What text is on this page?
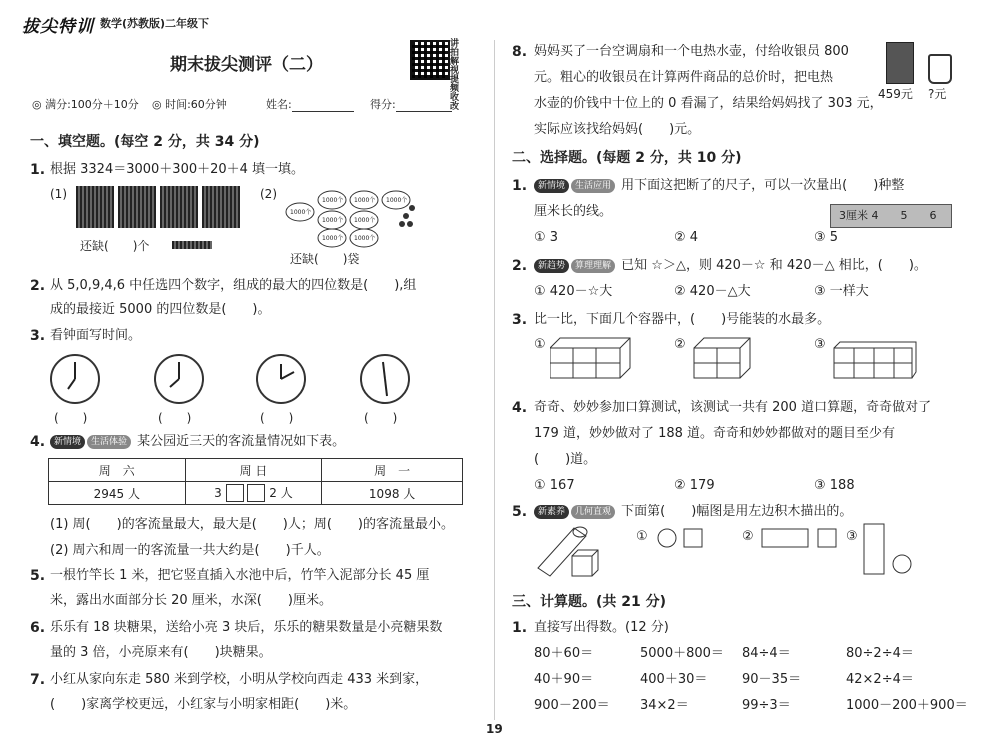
拔尖特训 数学(苏教版)二年级下
期末拔尖测评（二）
讲拍解视提频收改
◎ 满分:100分＋10分 ◎ 时间:60分钟	姓名:	得分:
一、填空题。(每空 2 分，共 34 分)
1. 根据 3324＝3000＋300＋20＋4 填一填。
(1)
还缺(　　 )个
(2)
1000个
1000个 1000个 1000个
1000个 1000个
1000个 1000个
还缺(　　 )袋
2. 从 5,0,9,4,6 中任选四个数字，组成的最大的四位数是(　　),组
成的最接近 5000 的四位数是(　　)。
3. 看钟面写时间。
(　　)	(　　)	(　　)	(　　)
4. 新情境 生活体验 某公园近三天的客流量情况如下表。
周　六	周 日	周　一
2945 人	3 2 人	1098 人
(1) 周(　　)的客流量最大，最大是(　　)人；周(　　)的客流量最小。
(2) 周六和周一的客流量一共大约是(　　)千人。
5. 一根竹竿长 1 米，把它竖直插入水池中后，竹竿入泥部分长 45 厘
米，露出水面部分长 20 厘米，水深(　　)厘米。
6. 乐乐有 18 块糖果，送给小亮 3 块后，乐乐的糖果数量是小亮糖果数
量的 3 倍，小亮原来有(　　)块糖果。
7. 小红从家向东走 580 米到学校，小明从学校向西走 433 米到家，
(　　)家离学校更远，小红家与小明家相距(　　)米。
8. 妈妈买了一台空调扇和一个电热水壶，付给收银员 800
元。粗心的收银员在计算两件商品的总价时，把电热
水壶的价钱中十位上的 0 看漏了，结果给妈妈找了 303 元，
实际应该找给妈妈(　　)元。
459元 ?元
二、选择题。(每题 2 分，共 10 分)
1.	新情境 生活应用 用下面这把断了的尺子，可以一次量出(　　)种整
厘米长的线。	3厘米 4　　5　　6
① 3	② 4	③ 5
2.	新趋势 算理理解 已知 ☆＞△，则 420－☆ 和 420－△ 相比，(　　)。
① 420－☆大	② 420－△大	③ 一样大
3. 比一比，下面几个容器中，(　　)号能装的水最多。
①	②	③
4. 奇奇、妙妙参加口算测试，该测试一共有 200 道口算题，奇奇做对了
179 道，妙妙做对了 188 道。奇奇和妙妙都做对的题目至少有
(　　)道。
① 167	② 179	③ 188
5.	新素养 几何直观 下面第(　　)幅图是用左边积木描出的。
①	②	③
三、计算题。(共 21 分)
1. 直接写出得数。(12 分)
80＋60＝	5000＋800＝ 84÷4＝	80÷2÷4＝
40＋90＝	400＋30＝	90－35＝	42×2÷4＝
900－200＝ 34×2＝	99÷3＝	1000－200＋900＝
19
